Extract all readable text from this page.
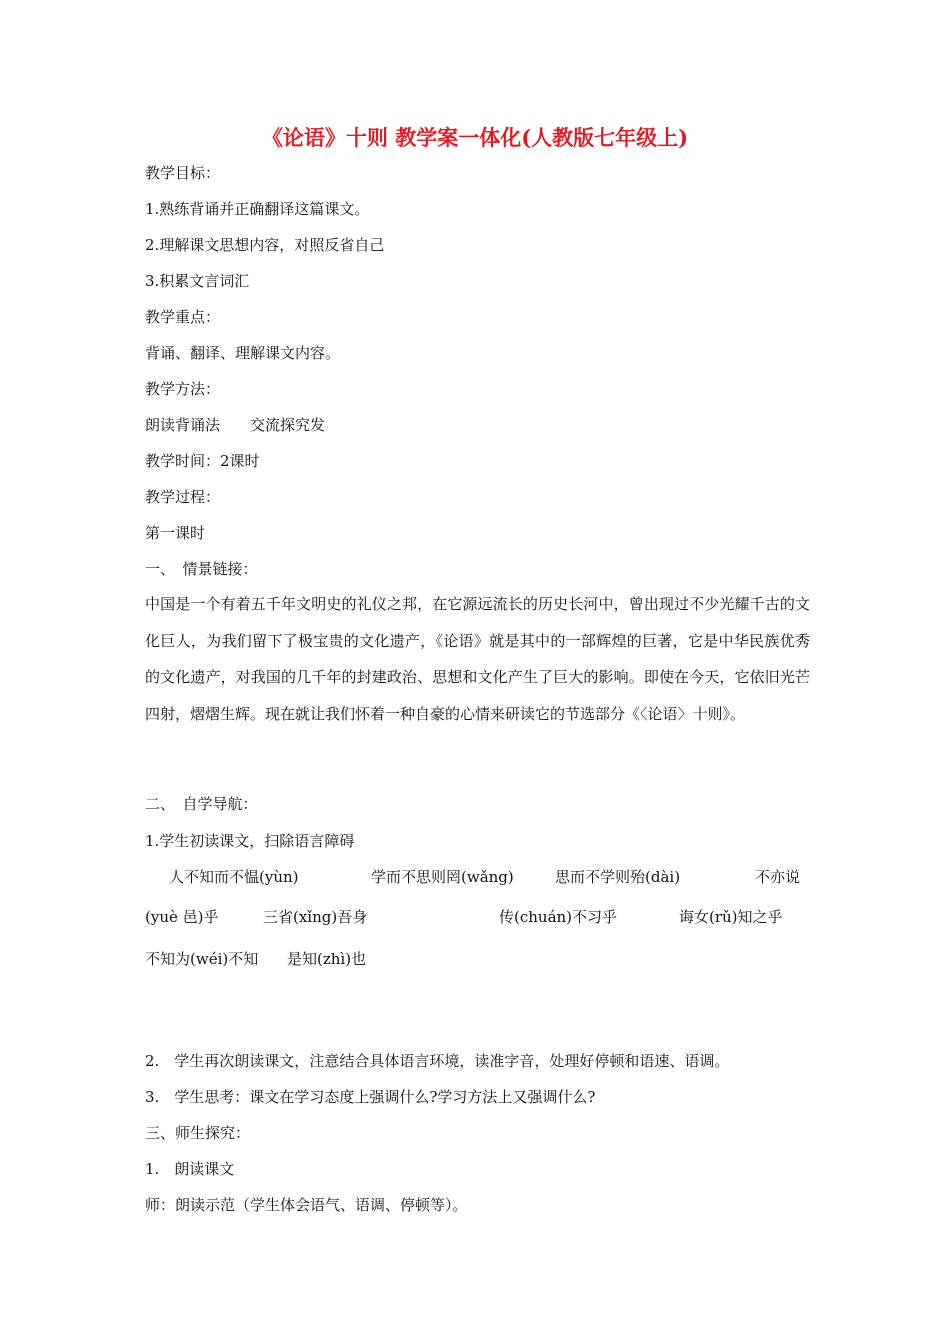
《论语》十则 教学案一体化(人教版七年级上)
教学目标：
1.熟练背诵并正确翻译这篇课文。
2.理解课文思想内容，对照反省自己
3.积累文言词汇
教学重点：
背诵、翻译、理解课文内容。
教学方法：
朗读背诵法　　交流探究发
教学时间：2课时
教学过程：
第一课时
一、　情景链接：
中国是一个有着五千年文明史的礼仪之邦，在它源远流长的历史长河中，曾出现过不少光耀千古的文化巨人，为我们留下了极宝贵的文化遗产，《论语》就是其中的一部辉煌的巨著，它是中华民族优秀的文化遗产，对我国的几千年的封建政治、思想和文化产生了巨大的影响。即使在今天，它依旧光芒四射，熠熠生辉。现在就让我们怀着一种自豪的心情来研读它的节选部分《〈论语〉十则》。
二、　自学导航：
1.学生初读课文，扫除语言障碍
人不知而不愠(yùn)	学而不思则罔(wǎng)	思而不学则殆(dài)	不亦说
(yuè 邑)乎	三省(xǐng)吾身	传(chuán)不习乎	诲女(rǔ)知之乎
不知为(wéi)不知 是知(zhì)也
2.　学生再次朗读课文，注意结合具体语言环境，读准字音，处理好停顿和语速、语调。
3.　学生思考：课文在学习态度上强调什么?学习方法上又强调什么?
三、师生探究：
1.　朗读课文
师：朗读示范（学生体会语气、语调、停顿等）。
